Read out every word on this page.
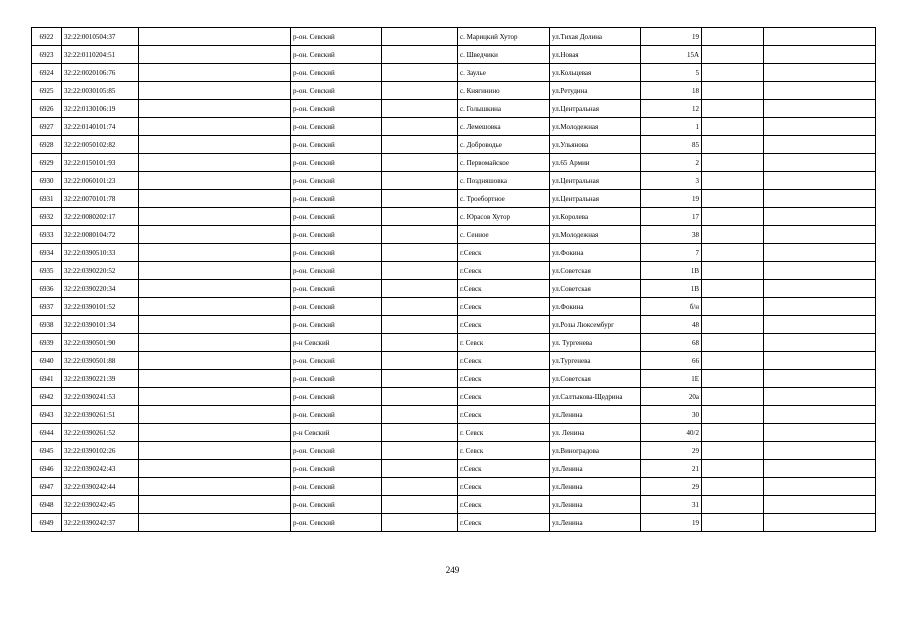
6922	32:22:0010504:37		р-он. Севский		с. Марицкий Хутор	ул.Тихая Долина	19		
6923	32:22:0110204:51		р-он. Севский		с. Шведчики	ул.Новая	15А		
6924	32:22:0020106:76		р-он. Севский		с. Заулье	ул.Кольцевая	5		
6925	32:22:0030105:85		р-он. Севский		с. Княгинино	ул.Ретудина	18		
6926	32:22:0130106:19		р-он. Севский		с. Голышкина	ул.Центральная	12		
6927	32:22:0140101:74		р-он. Севский		с. Лемешовка	ул.Молодежная	1		
6928	32:22:0050102:82		р-он. Севский		с. Доброводье	ул.Ульянова	85		
6929	32:22:0150101:93		р-он. Севский		с. Первомайское	ул.65 Армии	2		
6930	32:22:0060101:23		р-он. Севский		с. Поздняшовка	ул.Центральная	3		
6931	32:22:0070101:78		р-он. Севский		с. Троебортное	ул.Центральная	19		
6932	32:22:0080202:17		р-он. Севский		с. Юрасов Хутор	ул.Королева	17		
6933	32:22:0080104:72		р-он. Севский		с. Сенное	ул.Молодежная	38		
6934	32:22:0390510:33		р-он. Севский		г.Севск	ул.Фокина	7		
6935	32:22:0390220:52		р-он. Севский		г.Севск	ул.Советская	1В		
6936	32:22:0390220:34		р-он. Севский		г.Севск	ул.Советская	1В		
6937	32:22:0390101:52		р-он. Севский		г.Севск	ул.Фокина	б/н		
6938	32:22:0390101:34		р-он. Севский		г.Севск	ул.Розы Люксембург	48		
6939	32:22:0390501:90		р-н Севский		г. Севск	ул. Тургенева	68		
6940	32:22:0390501:88		р-он. Севский		г.Севск	ул.Тургенева	66		
6941	32:22:0390221:39		р-он. Севский		г.Севск	ул.Советская	1Е		
6942	32:22:0390241:53		р-он. Севский		г.Севск	ул.Салтыкова-Щедрина	20а		
6943	32:22:0390261:51		р-он. Севский		г.Севск	ул.Ленина	30		
6944	32:22:0390261:52		р-н Севский		г. Севск	ул. Ленина	40/2		
6945	32:22:0390102:26		р-он. Севский		г. Севск	ул.Виноградова	29		
6946	32:22:0390242:43		р-он. Севский		г.Севск	ул.Ленина	21		
6947	32:22:0390242:44		р-он. Севский		г.Севск	ул.Ленина	29		
6948	32:22:0390242:45		р-он. Севский		г.Севск	ул.Ленина	31		
6949	32:22:0390242:37		р-он. Севский		г.Севск	ул.Ленина	19		
249
